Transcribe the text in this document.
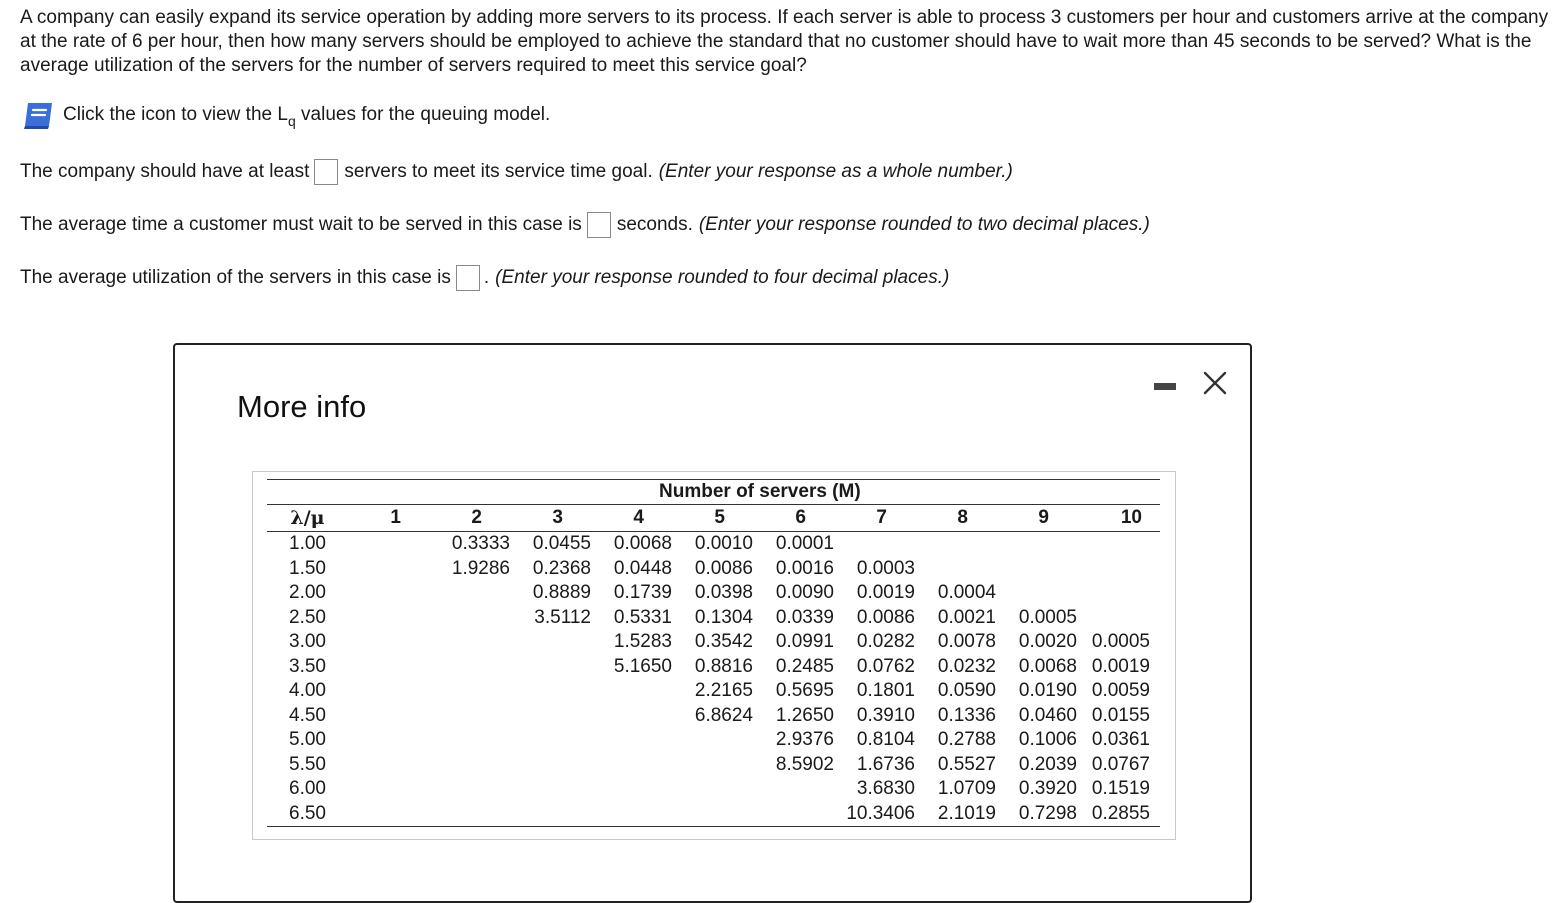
A company can easily expand its service operation by adding more servers to its process. If each server is able to process 3 customers per hour and customers arrive at the company at the rate of 6 per hour, then how many servers should be employed to achieve the standard that no customer should have to wait more than 45 seconds to be served? What is the average utilization of the servers for the number of servers required to meet this service goal?

Click the icon to view the L q values for the queuing model.
The company should have at least servers to meet its service time goal. (Enter your response as a whole number.)
The average time a customer must wait to be served in this case is seconds. (Enter your response rounded to two decimal places.)
The average utilization of the servers in this case is . (Enter your response rounded to four decimal places.)
More info
		Number of servers (M)								
λ/μ	1	2	3	4	5	6	7	8	9	10
1.00		0.3333	0.0455	0.0068	0.0010	0.0001				
1.50		1.9286	0.2368	0.0448	0.0086	0.0016	0.0003			
2.00			0.8889	0.1739	0.0398	0.0090	0.0019	0.0004		
2.50			3.5112	0.5331	0.1304	0.0339	0.0086	0.0021	0.0005	
3.00				1.5283	0.3542	0.0991	0.0282	0.0078	0.0020	0.0005
3.50				5.1650	0.8816	0.2485	0.0762	0.0232	0.0068	0.0019
4.00					2.2165	0.5695	0.1801	0.0590	0.0190	0.0059
4.50					6.8624	1.2650	0.3910	0.1336	0.0460	0.0155
5.00						2.9376	0.8104	0.2788	0.1006	0.0361
5.50						8.5902	1.6736	0.5527	0.2039	0.0767
6.00							3.6830	1.0709	0.3920	0.1519
6.50							10.3406	2.1019	0.7298	0.2855
